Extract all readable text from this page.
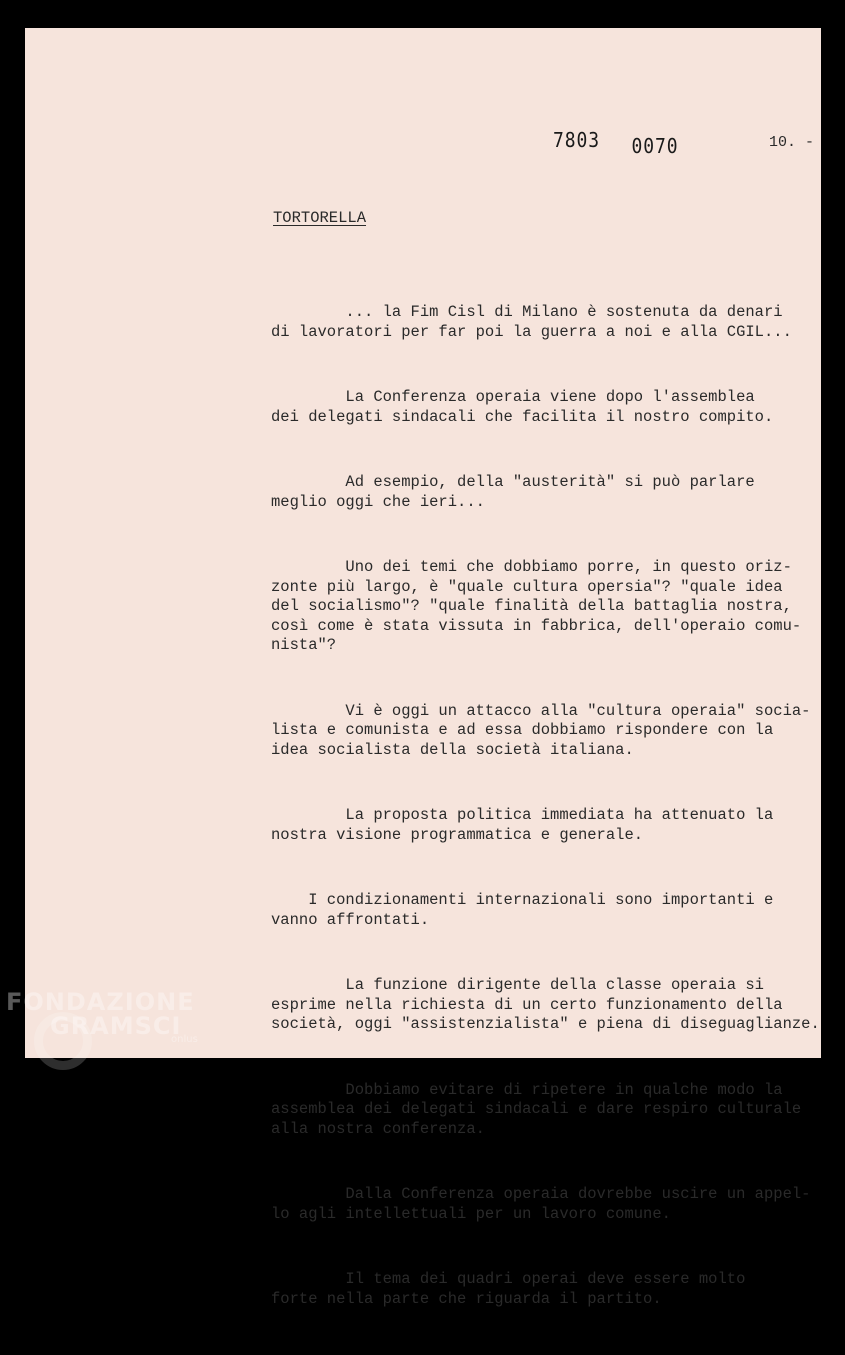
7803 0070	10. -
TORTORELLA

... la Fim Cisl di Milano è sostenuta da denari
di lavoratori per far poi la guerra a noi e alla CGIL...

La Conferenza operaia viene dopo l'assemblea
dei delegati sindacali che facilita il nostro compito.

Ad esempio, della "austerità" si può parlare
meglio oggi che ieri...

Uno dei temi che dobbiamo porre, in questo oriz-
zonte più largo, è "quale cultura opersia"? "quale idea
del socialismo"? "quale finalità della battaglia nostra,
così come è stata vissuta in fabbrica, dell'operaio comu-
nista"?

Vi è oggi un attacco alla "cultura operaia" socia-
lista e comunista e ad essa dobbiamo rispondere con la
idea socialista della società italiana.

La proposta politica immediata ha attenuato la
nostra visione programmatica e generale.

I condizionamenti internazionali sono importanti e
vanno affrontati.

La funzione dirigente della classe operaia si
esprime nella richiesta di un certo funzionamento della
società, oggi "assistenzialista" e piena di diseguaglianze.

Dobbiamo evitare di ripetere in qualche modo la
assemblea dei delegati sindacali e dare respiro culturale
alla nostra conferenza.

Dalla Conferenza operaia dovrebbe uscire un appel-
lo agli intellettuali per un lavoro comune.

Il tema dei quadri operai deve essere molto
forte nella parte che riguarda il partito.

FONDAZIONE
GRAMSCI
onlus
